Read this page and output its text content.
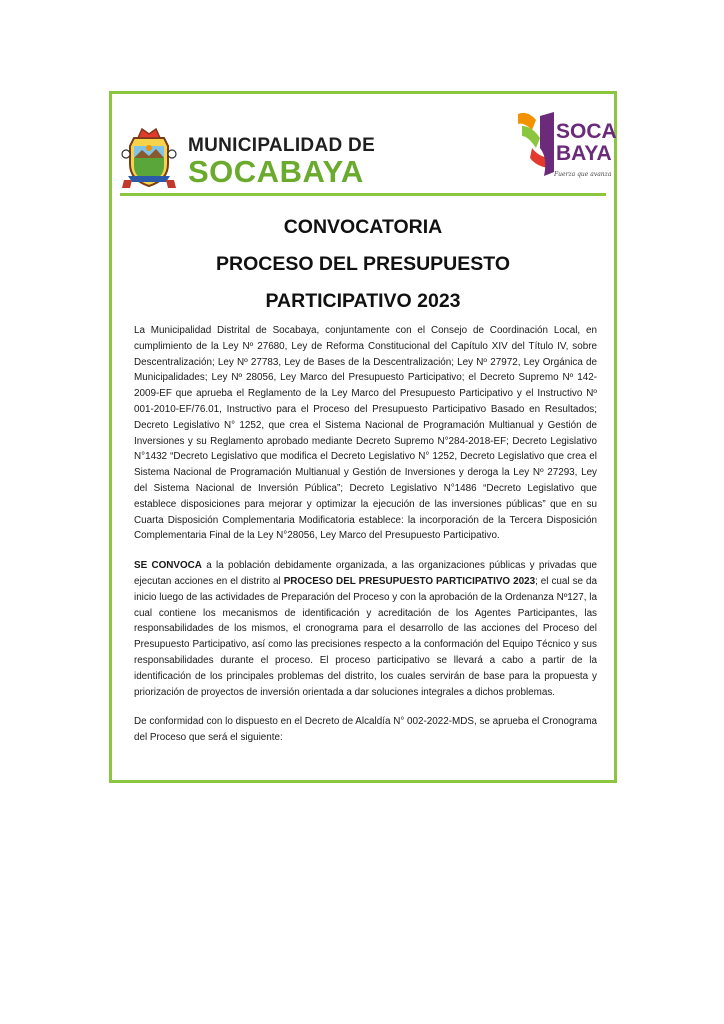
MUNICIPALIDAD DE
SOCABAYA
SOCA
BAYA
Fuerza que avanza
CONVOCATORIA
PROCESO DEL PRESUPUESTO
PARTICIPATIVO 2023

La Municipalidad Distrital de Socabaya, conjuntamente con el Consejo de Coordinación Local, en cumplimiento de la Ley Nº 27680, Ley de Reforma Constitucional del Capítulo XIV del Título IV, sobre Descentralización; Ley Nº 27783, Ley de Bases de la Descentralización; Ley Nº 27972, Ley Orgánica de Municipalidades; Ley Nº 28056, Ley Marco del Presupuesto Participativo; el Decreto Supremo Nº 142-2009-EF que aprueba el Reglamento de la Ley Marco del Presupuesto Participativo y el Instructivo Nº 001-2010-EF/76.01, Instructivo para el Proceso del Presupuesto Participativo Basado en Resultados; Decreto Legislativo N° 1252, que crea el Sistema Nacional de Programación Multianual y Gestión de Inversiones y su Reglamento aprobado mediante Decreto Supremo N°284-2018-EF; Decreto Legislativo N°1432 “Decreto Legislativo que modifica el Decreto Legislativo N° 1252, Decreto Legislativo que crea el Sistema Nacional de Programación Multianual y Gestión de Inversiones y deroga la Ley Nº 27293, Ley del Sistema Nacional de Inversión Pública”; Decreto Legislativo N°1486 “Decreto Legislativo que establece disposiciones para mejorar y optimizar la ejecución de las inversiones públicas” que en su Cuarta Disposición Complementaria Modificatoria establece: la incorporación de la Tercera Disposición Complementaria Final de la Ley N°28056, Ley Marco del Presupuesto Participativo.

SE CONVOCA a la población debidamente organizada, a las organizaciones públicas y privadas que ejecutan acciones en el distrito al PROCESO DEL PRESUPUESTO PARTICIPATIVO 2023; el cual se da inicio luego de las actividades de Preparación del Proceso y con la aprobación de la Ordenanza Nº127, la cual contiene los mecanismos de identificación y acreditación de los Agentes Participantes, las responsabilidades de los mismos, el cronograma para el desarrollo de las acciones del Proceso del Presupuesto Participativo, así como las precisiones respecto a la conformación del Equipo Técnico y sus responsabilidades durante el proceso. El proceso participativo se llevará a cabo a partir de la identificación de los principales problemas del distrito, los cuales servirán de base para la propuesta y priorización de proyectos de inversión orientada a dar soluciones integrales a dichos problemas.

De conformidad con lo dispuesto en el Decreto de Alcaldía N° 002-2022-MDS, se aprueba el Cronograma del Proceso que será el siguiente:
